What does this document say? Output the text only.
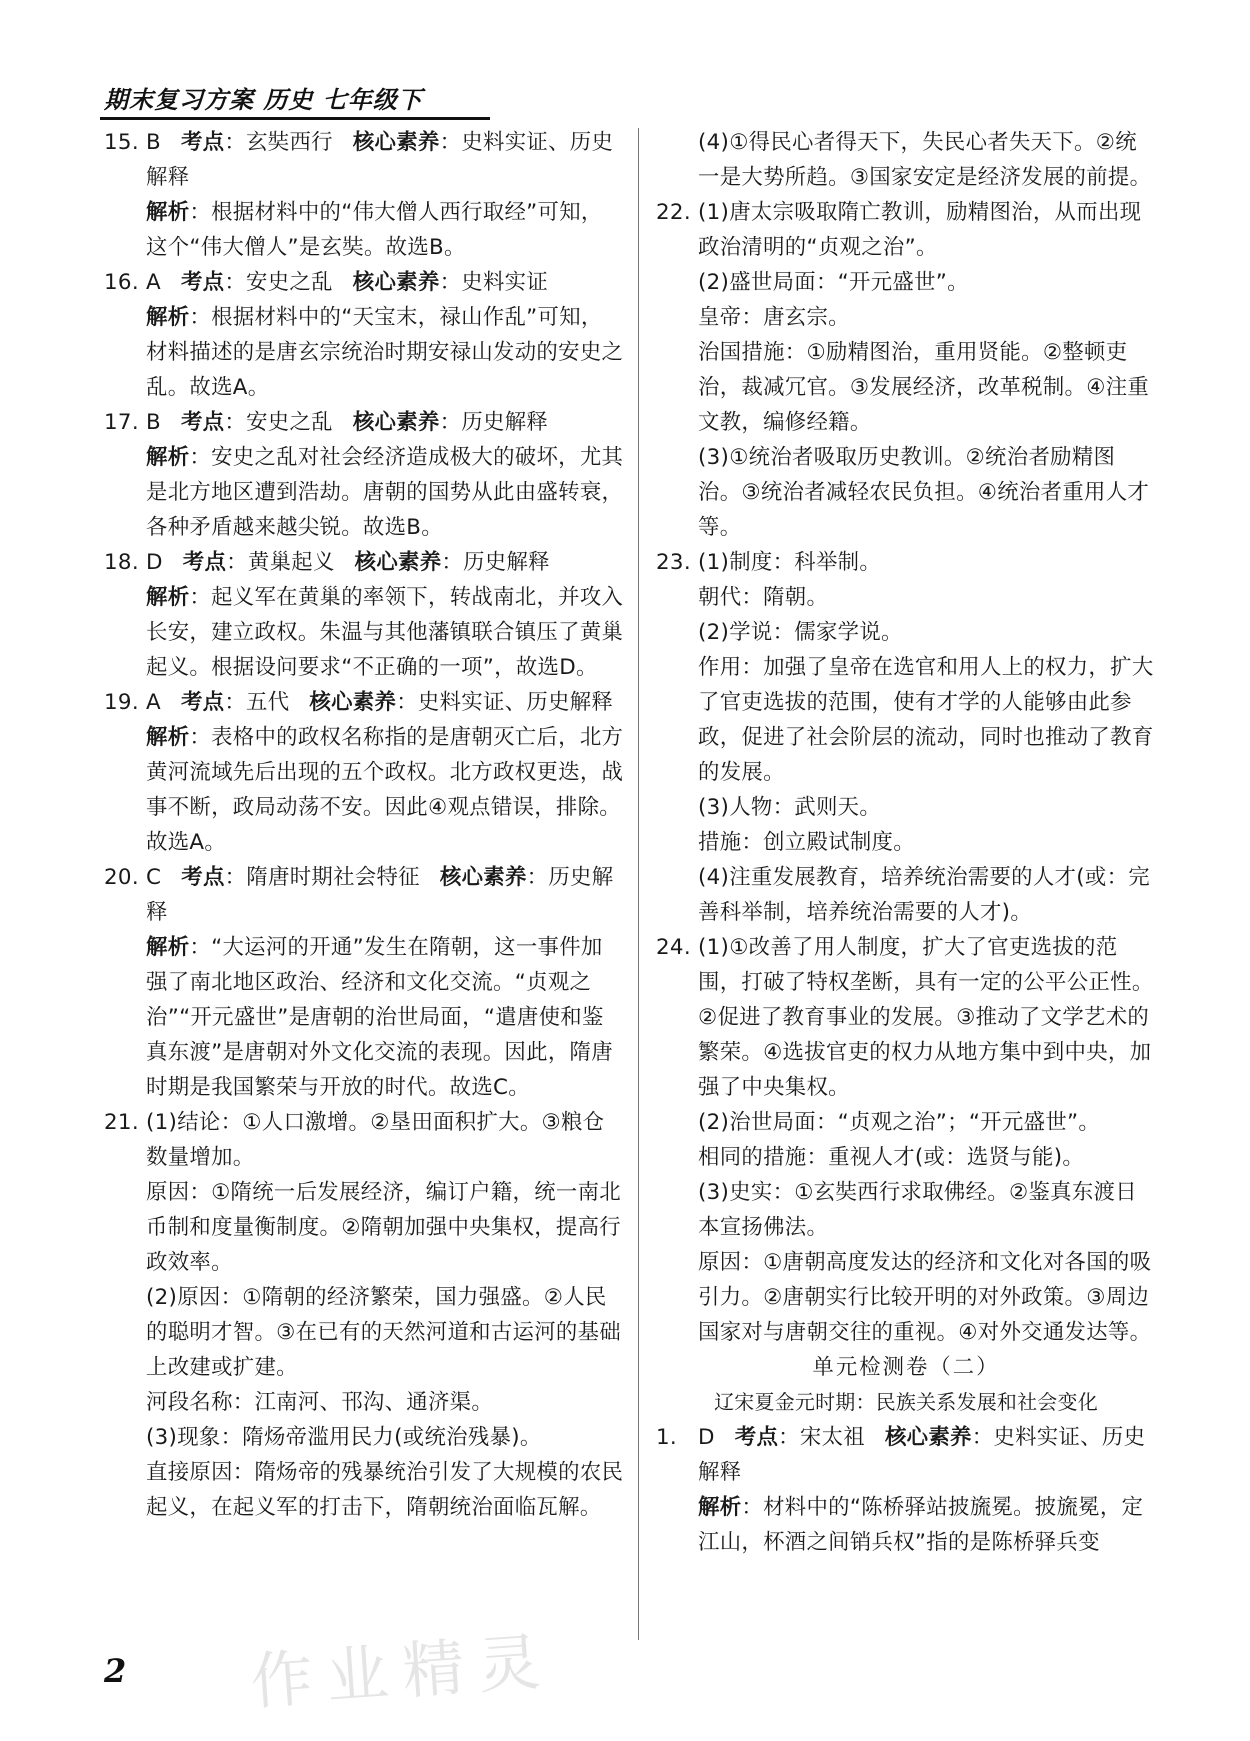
期末复习方案 历史 七年级下

15. B 考点：玄奘西行 核心素养：史料实证、历史解释

解析：根据材料中的“伟大僧人西行取经”可知，这个“伟大僧人”是玄奘。故选B。

16. A 考点：安史之乱 核心素养：史料实证

解析：根据材料中的“天宝末，禄山作乱”可知，材料描述的是唐玄宗统治时期安禄山发动的安史之乱。故选A。

17. B 考点：安史之乱 核心素养：历史解释

解析：安史之乱对社会经济造成极大的破坏，尤其是北方地区遭到浩劫。唐朝的国势从此由盛转衰，各种矛盾越来越尖锐。故选B。

18. D 考点：黄巢起义 核心素养：历史解释

解析：起义军在黄巢的率领下，转战南北，并攻入长安，建立政权。朱温与其他藩镇联合镇压了黄巢起义。根据设问要求“不正确的一项”，故选D。

19. A 考点：五代 核心素养：史料实证、历史解释

解析：表格中的政权名称指的是唐朝灭亡后，北方黄河流域先后出现的五个政权。北方政权更迭，战事不断，政局动荡不安。因此④观点错误，排除。故选A。

20. C 考点：隋唐时期社会特征 核心素养：历史解释

解析：“大运河的开通”发生在隋朝，这一事件加强了南北地区政治、经济和文化交流。“贞观之治”“开元盛世”是唐朝的治世局面，“遣唐使和鉴真东渡”是唐朝对外文化交流的表现。因此，隋唐时期是我国繁荣与开放的时代。故选C。

21. (1)结论：①人口激增。②垦田面积扩大。③粮仓数量增加。

原因：①隋统一后发展经济，编订户籍，统一南北币制和度量衡制度。②隋朝加强中央集权，提高行政效率。

(2)原因：①隋朝的经济繁荣，国力强盛。②人民的聪明才智。③在已有的天然河道和古运河的基础上改建或扩建。

河段名称：江南河、邗沟、通济渠。

(3)现象：隋炀帝滥用民力(或统治残暴)。

直接原因：隋炀帝的残暴统治引发了大规模的农民起义，在起义军的打击下，隋朝统治面临瓦解。

(4)①得民心者得天下，失民心者失天下。②统一是大势所趋。③国家安定是经济发展的前提。

22. (1)唐太宗吸取隋亡教训，励精图治，从而出现政治清明的“贞观之治”。

(2)盛世局面：“开元盛世”。

皇帝：唐玄宗。

治国措施：①励精图治，重用贤能。②整顿吏治，裁减冗官。③发展经济，改革税制。④注重文教，编修经籍。

(3)①统治者吸取历史教训。②统治者励精图治。③统治者减轻农民负担。④统治者重用人才等。

23. (1)制度：科举制。

朝代：隋朝。

(2)学说：儒家学说。

作用：加强了皇帝在选官和用人上的权力，扩大了官吏选拔的范围，使有才学的人能够由此参政，促进了社会阶层的流动，同时也推动了教育的发展。

(3)人物：武则天。

措施：创立殿试制度。

(4)注重发展教育，培养统治需要的人才(或：完善科举制，培养统治需要的人才)。

24. (1)①改善了用人制度，扩大了官吏选拔的范围，打破了特权垄断，具有一定的公平公正性。②促进了教育事业的发展。③推动了文学艺术的繁荣。④选拔官吏的权力从地方集中到中央，加强了中央集权。

(2)治世局面：“贞观之治”；“开元盛世”。

相同的措施：重视人才(或：选贤与能)。

(3)史实：①玄奘西行求取佛经。②鉴真东渡日本宣扬佛法。

原因：①唐朝高度发达的经济和文化对各国的吸引力。②唐朝实行比较开明的对外政策。③周边国家对与唐朝交往的重视。④对外交通发达等。

单元检测卷（二）

辽宋夏金元时期：民族关系发展和社会变化

1. D 考点：宋太祖 核心素养：史料实证、历史解释

解析：材料中的“陈桥驿站披旒冕。披旒冕，定江山，杯酒之间销兵权”指的是陈桥驿兵变

2 作业精灵
